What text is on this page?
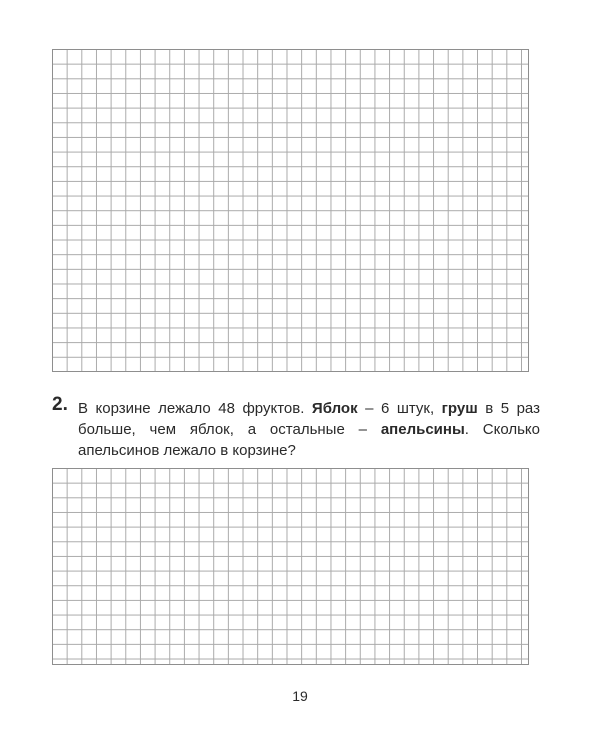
2. В корзине лежало 48 фруктов. Яблок – 6 штук, груш в 5 раз больше, чем яблок, а остальные – апельсины. Сколько апельсинов лежало в корзине?
19
